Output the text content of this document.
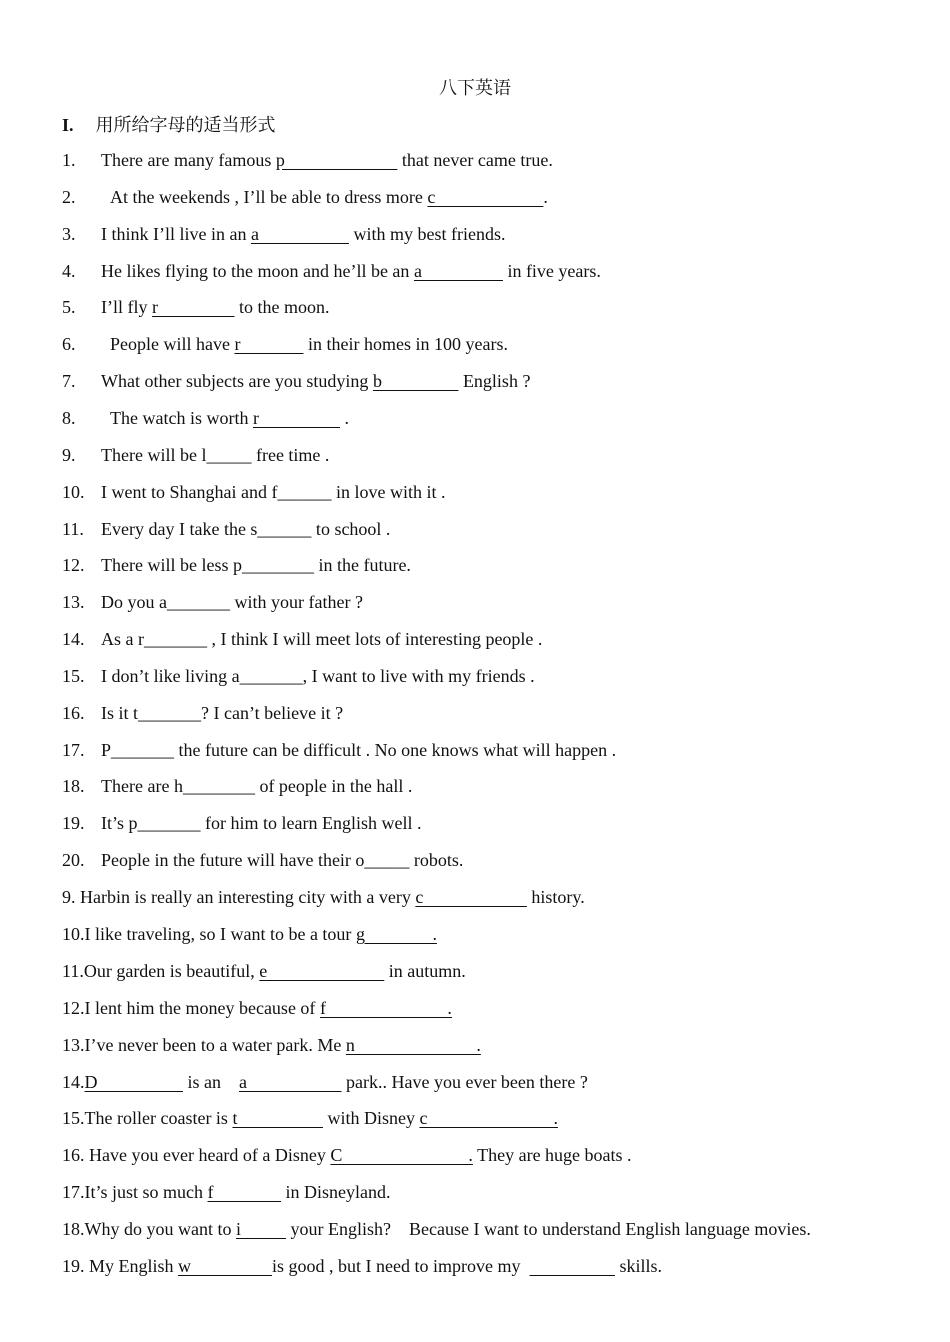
八下英语
I. 用所给字母的适当形式
1. There are many famous p                          that never came true.
2. At the weekends , I’ll be able to dress more c                        .
3. I think I’ll live in an a                     with my best friends.
4. He likes flying to the moon and he’ll be an a                   in five years.
5. I’ll fly r                  to the moon.
6. People will have r               in their homes in 100 years.
7. What other subjects are you studying b                  English ?
8. The watch is worth r                   .
9. There will be l_____ free time .
10. I went to Shanghai and f______ in love with it .
11. Every day I take the s______ to school .
12. There will be less p________ in the future.
13. Do you a_______ with your father ?
14. As a r_______ , I think I will meet lots of interesting people .
15. I don’t like living a_______, I want to live with my friends .
16. Is it t_______? I can’t believe it ?
17. P_______ the future can be difficult . No one knows what will happen .
18. There are h________ of people in the hall .
19. It’s p_______ for him to learn English well .
20. People in the future will have their o_____ robots.
9. Harbin is really an interesting city with a very c                        history.
10.I like traveling, so I want to be a tour g               .
11.Our garden is beautiful, e                           in autumn.
12.I lent him the money because of f                           .
13.I’ve never been to a water park. Me n                           .
14.D                    is an    a                      park.. Have you ever been there ?
15.The roller coaster is t                    with Disney c                            .
16. Have you ever heard of a Disney C                            . They are huge boats .
17.It’s just so much f                in Disneyland.
18.Why do you want to i           your English?    Because I want to understand English language movies.
19. My English w                  is good , but I need to improve my	skills.
